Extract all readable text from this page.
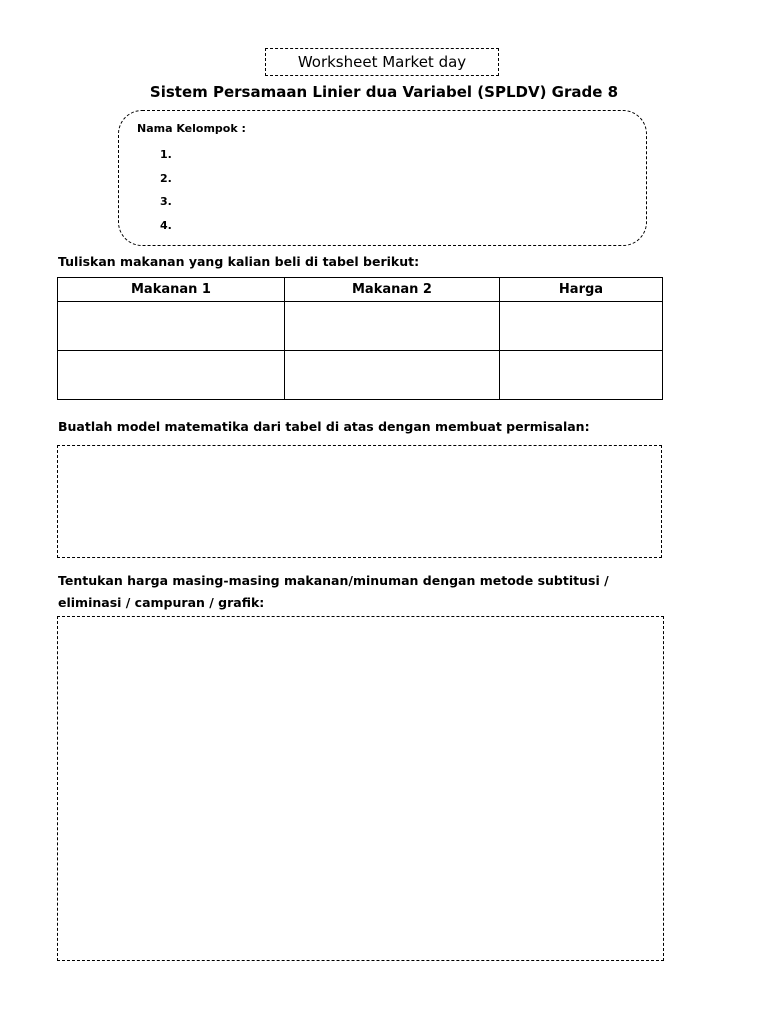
Worksheet Market day
Sistem Persamaan Linier dua Variabel (SPLDV) Grade 8
Nama Kelompok :
1.
2.
3.
4.
Tuliskan makanan yang kalian beli di tabel berikut:
Makanan 1	Makanan 2	Harga

Buatlah model matematika dari tabel di atas dengan membuat permisalan:
Tentukan harga masing-masing makanan/minuman dengan metode subtitusi /
eliminasi / campuran / grafik:
